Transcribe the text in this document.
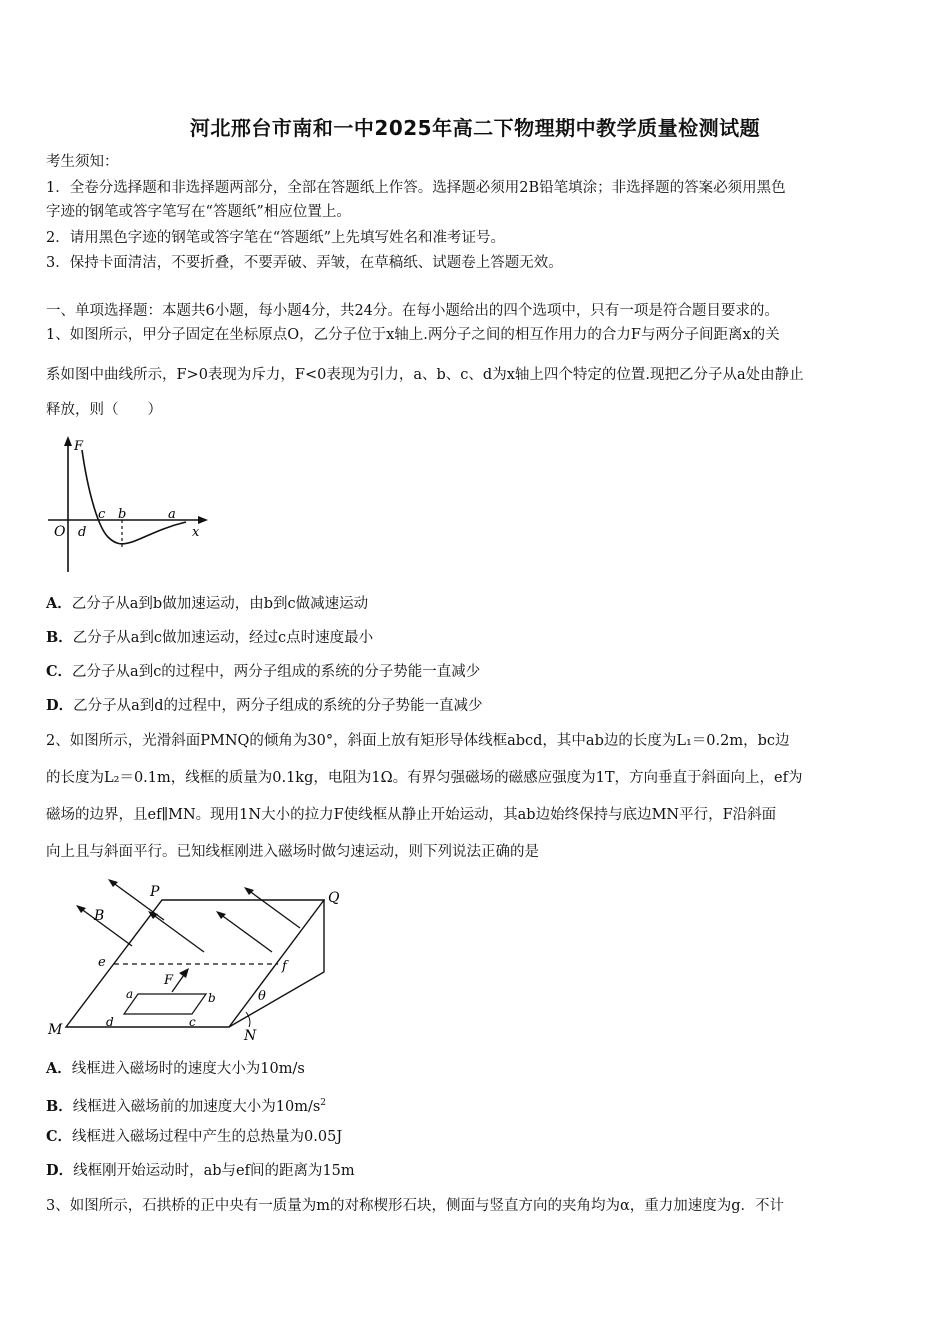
河北邢台市南和一中2025年高二下物理期中教学质量检测试题
考生须知：
1．全卷分选择题和非选择题两部分，全部在答题纸上作答。选择题必须用2B铅笔填涂；非选择题的答案必须用黑色
字迹的钢笔或答字笔写在“答题纸”相应位置上。
2．请用黑色字迹的钢笔或答字笔在“答题纸”上先填写姓名和准考证号。
3．保持卡面清洁，不要折叠，不要弄破、弄皱，在草稿纸、试题卷上答题无效。
一、单项选择题：本题共6小题，每小题4分，共24分。在每小题给出的四个选项中，只有一项是符合题目要求的。
1、如图所示，甲分子固定在坐标原点O，乙分子位于x轴上.两分子之间的相互作用力的合力F与两分子间距离x的关
系如图中曲线所示，F>0表现为斥力，F<0表现为引力，a、b、c、d为x轴上四个特定的位置.现把乙分子从a处由静止
释放，则（　　）
F
O d
c b	a
x
A．乙分子从a到b做加速运动，由b到c做减速运动
B．乙分子从a到c做加速运动，经过c点时速度最小
C．乙分子从a到c的过程中，两分子组成的系统的分子势能一直减少
D．乙分子从a到d的过程中，两分子组成的系统的分子势能一直减少
2、如图所示，光滑斜面PMNQ的倾角为30°，斜面上放有矩形导体线框abcd，其中ab边的长度为L₁＝0.2m，bc边
的长度为L₂＝0.1m，线框的质量为0.1kg，电阻为1Ω。有界匀强磁场的磁感应强度为1T，方向垂直于斜面向上，ef为
磁场的边界，且ef∥MN。现用1N大小的拉力F使线框从静止开始运动，其ab边始终保持与底边MN平行，F沿斜面
向上且与斜面平行。已知线框刚进入磁场时做匀速运动，则下列说法正确的是
P	Q
B
e	f
F
a	b
c
d
M	N
θ
A．线框进入磁场时的速度大小为10m/s
B．线框进入磁场前的加速度大小为$10m/s^2$
C．线框进入磁场过程中产生的总热量为0.05J
D．线框刚开始运动时，ab与ef间的距离为15m
3、如图所示，石拱桥的正中央有一质量为m的对称楔形石块，侧面与竖直方向的夹角均为α，重力加速度为g．不计
